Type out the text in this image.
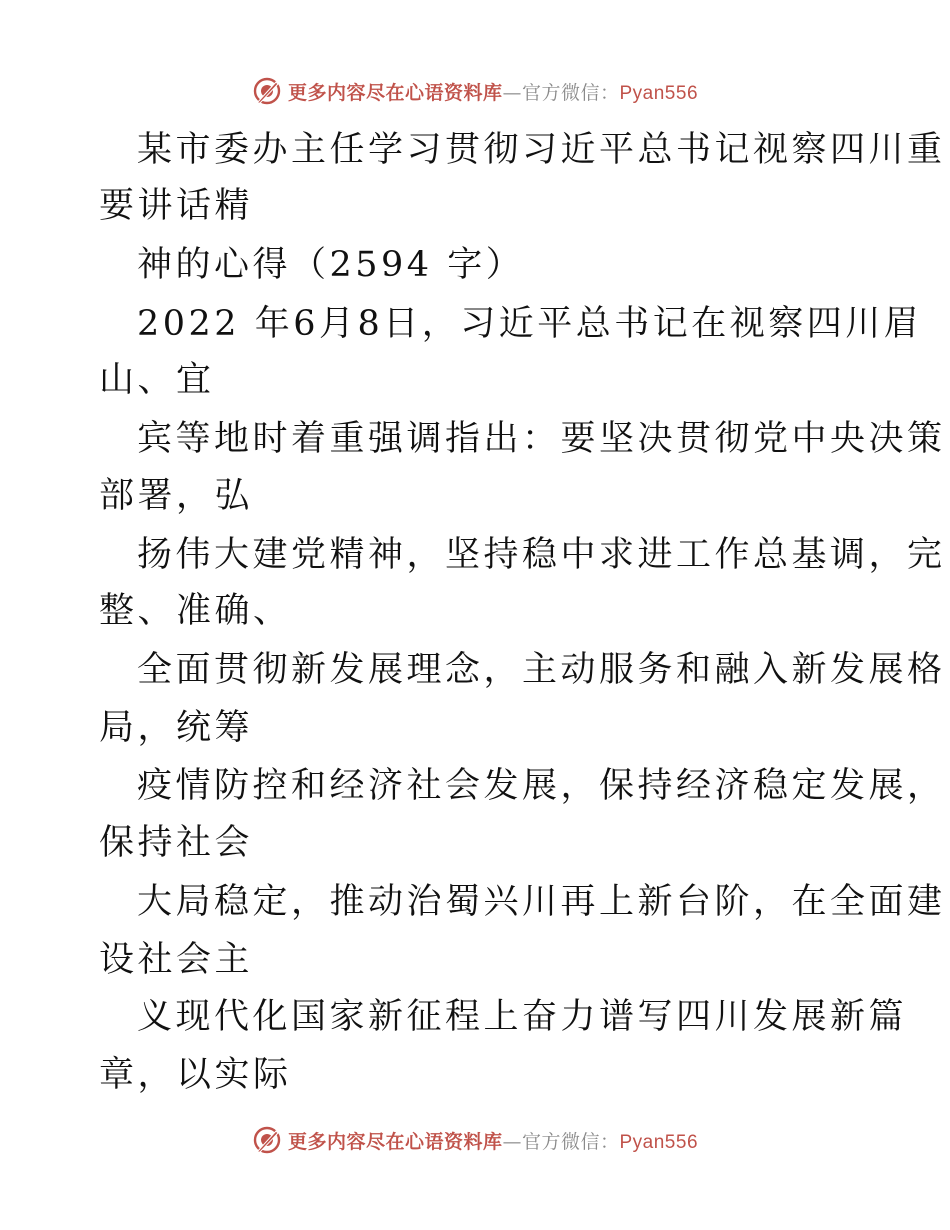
更多内容尽在心语资料库—官方微信：Pyan556
某市委办主任学习贯彻习近平总书记视察四川重
要讲话精
神的心得（2594 字）
2022 年6月8日，习近平总书记在视察四川眉
山、宜
宾等地时着重强调指出：要坚决贯彻党中央决策
部署，弘
扬伟大建党精神，坚持稳中求进工作总基调，完
整、准确、
全面贯彻新发展理念，主动服务和融入新发展格
局，统筹
疫情防控和经济社会发展，保持经济稳定发展，
保持社会
大局稳定，推动治蜀兴川再上新台阶，在全面建
设社会主
义现代化国家新征程上奋力谱写四川发展新篇
章，以实际
更多内容尽在心语资料库—官方微信：Pyan556
